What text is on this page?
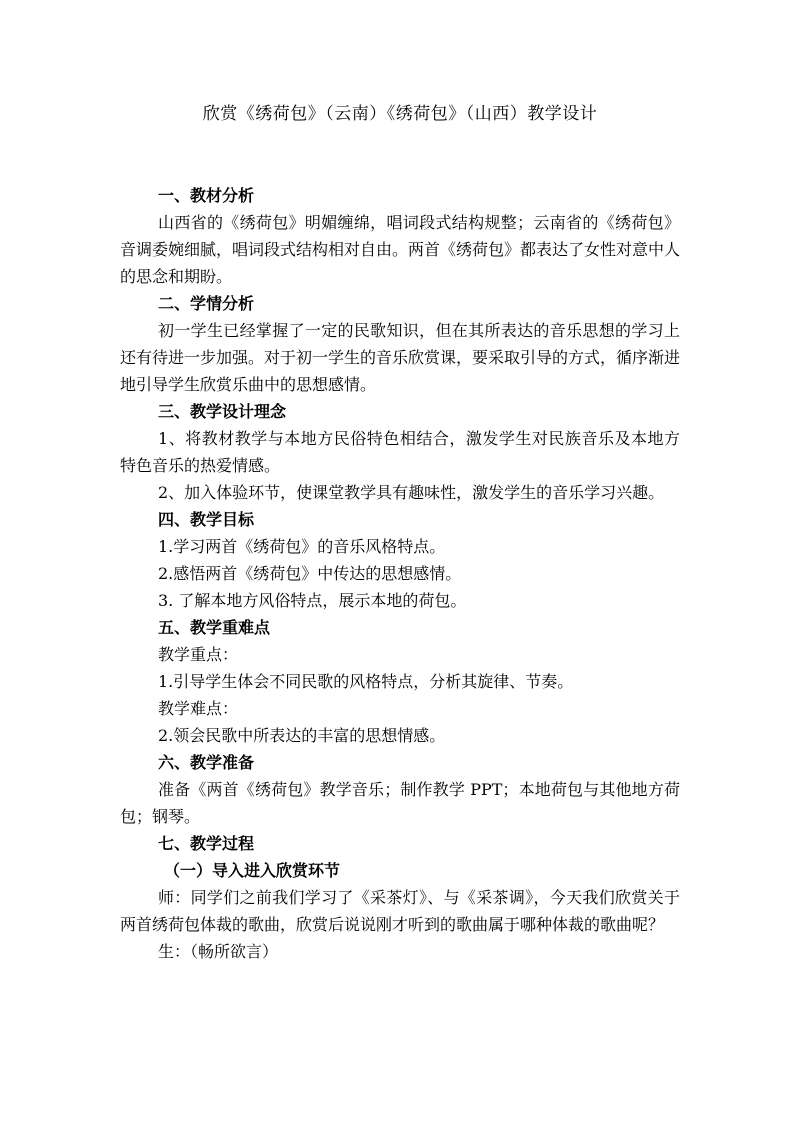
欣赏《绣荷包》（云南）《绣荷包》（山西）教学设计

一、教材分析

山西省的《绣荷包》明媚缠绵，唱词段式结构规整；云南省的《绣荷包》音调委婉细腻，唱词段式结构相对自由。两首《绣荷包》都表达了女性对意中人的思念和期盼。

二、学情分析

初一学生已经掌握了一定的民歌知识，但在其所表达的音乐思想的学习上还有待进一步加强。对于初一学生的音乐欣赏课，要采取引导的方式，循序渐进地引导学生欣赏乐曲中的思想感情。

三、教学设计理念

1、将教材教学与本地方民俗特色相结合，激发学生对民族音乐及本地方特色音乐的热爱情感。

2、加入体验环节，使课堂教学具有趣味性，激发学生的音乐学习兴趣。

四、教学目标

1.学习两首《绣荷包》的音乐风格特点。

2.感悟两首《绣荷包》中传达的思想感情。

3. 了解本地方风俗特点，展示本地的荷包。

五、教学重难点

教学重点：

1.引导学生体会不同民歌的风格特点，分析其旋律、节奏。

教学难点：

2.领会民歌中所表达的丰富的思想情感。

六、教学准备

准备《两首《绣荷包》教学音乐；制作教学 PPT；本地荷包与其他地方荷包；钢琴。

七、教学过程

（一）导入进入欣赏环节

师：同学们之前我们学习了《采茶灯》、与《采茶调》，今天我们欣赏关于两首绣荷包体裁的歌曲，欣赏后说说刚才听到的歌曲属于哪种体裁的歌曲呢？

生：（畅所欲言）
